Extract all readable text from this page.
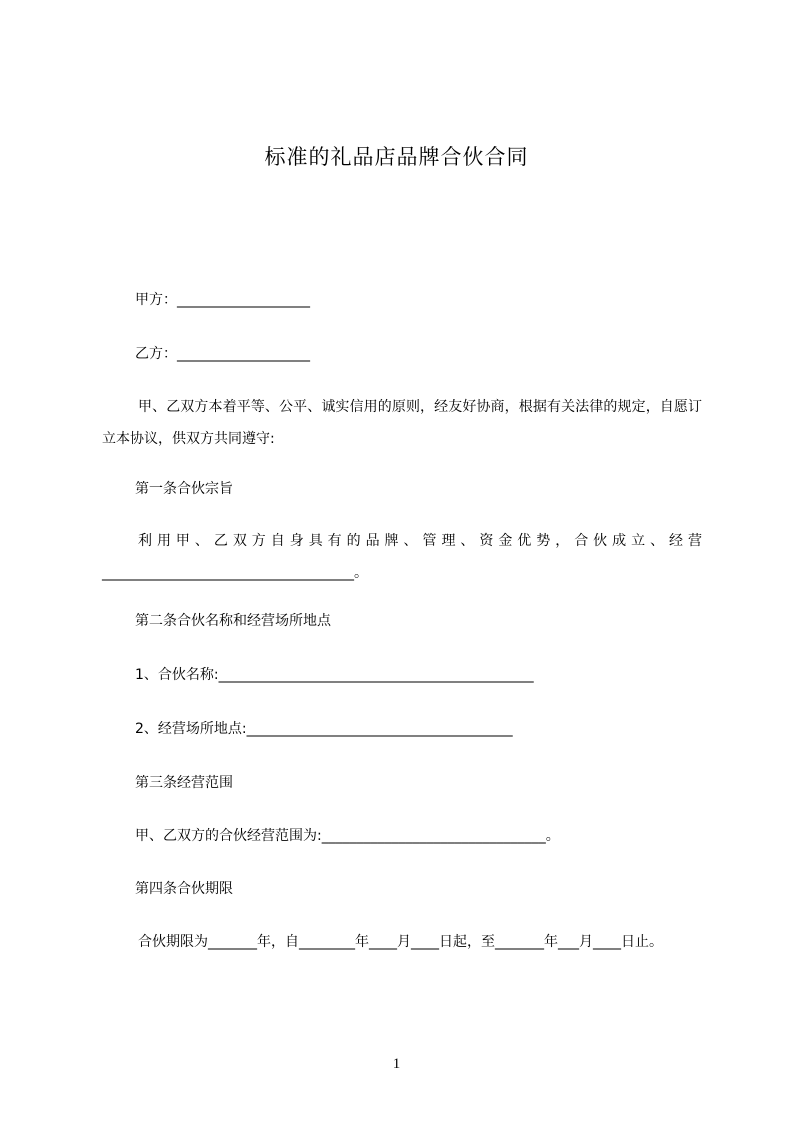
标准的礼品店品牌合伙合同

甲方：___________________

乙方：___________________

甲、乙双方本着平等、公平、诚实信用的原则，经友好协商，根据有关法律的规定，自愿订立本协议，供双方共同遵守:

第一条合伙宗旨

利用甲、乙双方自身具有的品牌、管理、资金优势，合伙成立、经营____________________________________。

第二条合伙名称和经营场所地点

1、合伙名称:_____________________________________________

2、经营场所地点:______________________________________

第三条经营范围

甲、乙双方的合伙经营范围为:________________________________。

第四条合伙期限

合伙期限为_______年，自________年____月____日起，至_______年___月____日止。

1
